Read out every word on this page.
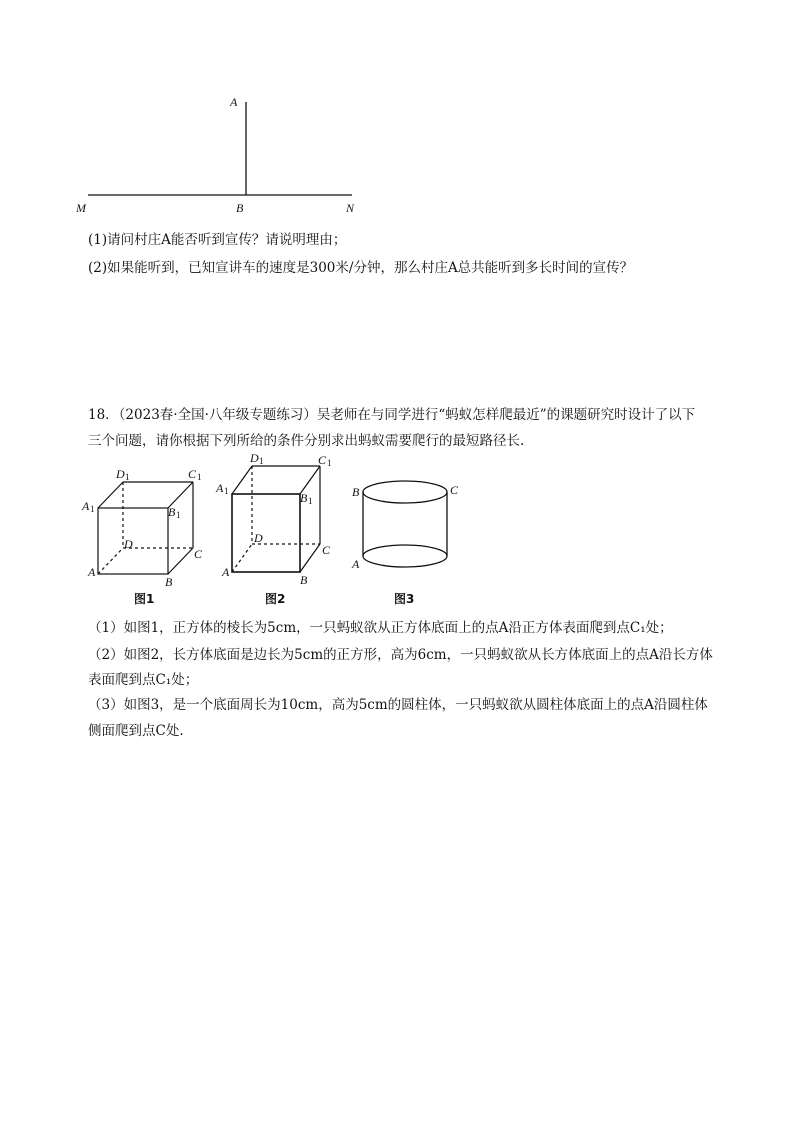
A
M	B	N
(1)请问村庄A能否听到宣传？请说明理由；
(2)如果能听到，已知宣讲车的速度是300米/分钟，那么村庄A总共能听到多长时间的宣传？
18．（2023春·全国·八年级专题练习）吴老师在与同学进行“蚂蚁怎样爬最近”的课题研究时设计了以下
三个问题，请你根据下列所给的条件分别求出蚂蚁需要爬行的最短路径长.
D 1	C 1
A 1	B 1
D
C
A
B
图1
D 1	C 1
A 1	B 1
D
C
A
B
图2
B	C
A
图3
（1）如图1，正方体的棱长为5cm，一只蚂蚁欲从正方体底面上的点A沿正方体表面爬到点C₁处；
（2）如图2，长方体底面是边长为5cm的正方形，高为6cm，一只蚂蚁欲从长方体底面上的点A沿长方体
表面爬到点C₁处；
（3）如图3，是一个底面周长为10cm，高为5cm的圆柱体，一只蚂蚁欲从圆柱体底面上的点A沿圆柱体
侧面爬到点C处.
